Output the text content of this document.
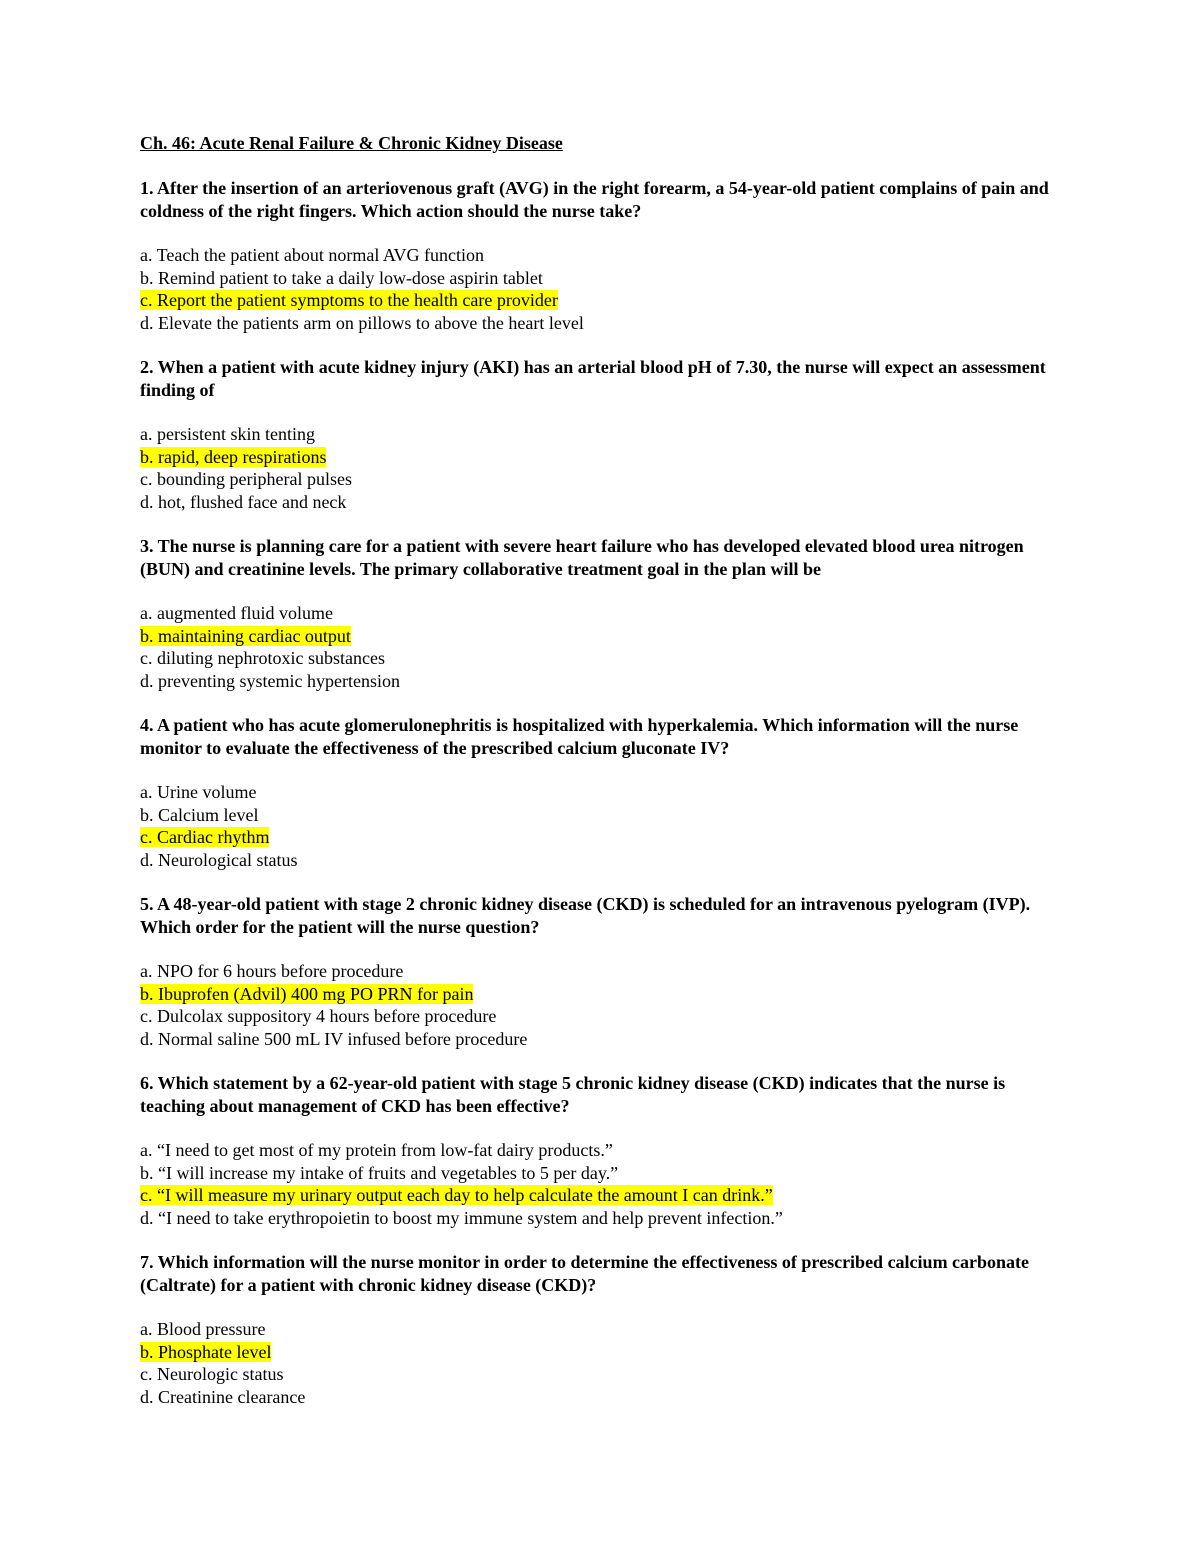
Ch. 46: Acute Renal Failure & Chronic Kidney Disease
1. After the insertion of an arteriovenous graft (AVG) in the right forearm, a 54-year-old patient complains of pain and coldness of the right fingers. Which action should the nurse take?
a. Teach the patient about normal AVG function
b. Remind patient to take a daily low-dose aspirin tablet
c. Report the patient symptoms to the health care provider
d. Elevate the patients arm on pillows to above the heart level
2. When a patient with acute kidney injury (AKI) has an arterial blood pH of 7.30, the nurse will expect an assessment finding of
a. persistent skin tenting
b. rapid, deep respirations
c. bounding peripheral pulses
d. hot, flushed face and neck
3. The nurse is planning care for a patient with severe heart failure who has developed elevated blood urea nitrogen (BUN) and creatinine levels. The primary collaborative treatment goal in the plan will be
a. augmented fluid volume
b. maintaining cardiac output
c. diluting nephrotoxic substances
d. preventing systemic hypertension
4. A patient who has acute glomerulonephritis is hospitalized with hyperkalemia. Which information will the nurse monitor to evaluate the effectiveness of the prescribed calcium gluconate IV?
a. Urine volume
b. Calcium level
c. Cardiac rhythm
d. Neurological status
5. A 48-year-old patient with stage 2 chronic kidney disease (CKD) is scheduled for an intravenous pyelogram (IVP). Which order for the patient will the nurse question?
a. NPO for 6 hours before procedure
b. Ibuprofen (Advil) 400 mg PO PRN for pain
c. Dulcolax suppository 4 hours before procedure
d. Normal saline 500 mL IV infused before procedure
6. Which statement by a 62-year-old patient with stage 5 chronic kidney disease (CKD) indicates that the nurse is teaching about management of CKD has been effective?
a. “I need to get most of my protein from low-fat dairy products.”
b. “I will increase my intake of fruits and vegetables to 5 per day.”
c. “I will measure my urinary output each day to help calculate the amount I can drink.”
d. “I need to take erythropoietin to boost my immune system and help prevent infection.”
7. Which information will the nurse monitor in order to determine the effectiveness of prescribed calcium carbonate (Caltrate) for a patient with chronic kidney disease (CKD)?
a. Blood pressure
b. Phosphate level
c. Neurologic status
d. Creatinine clearance
